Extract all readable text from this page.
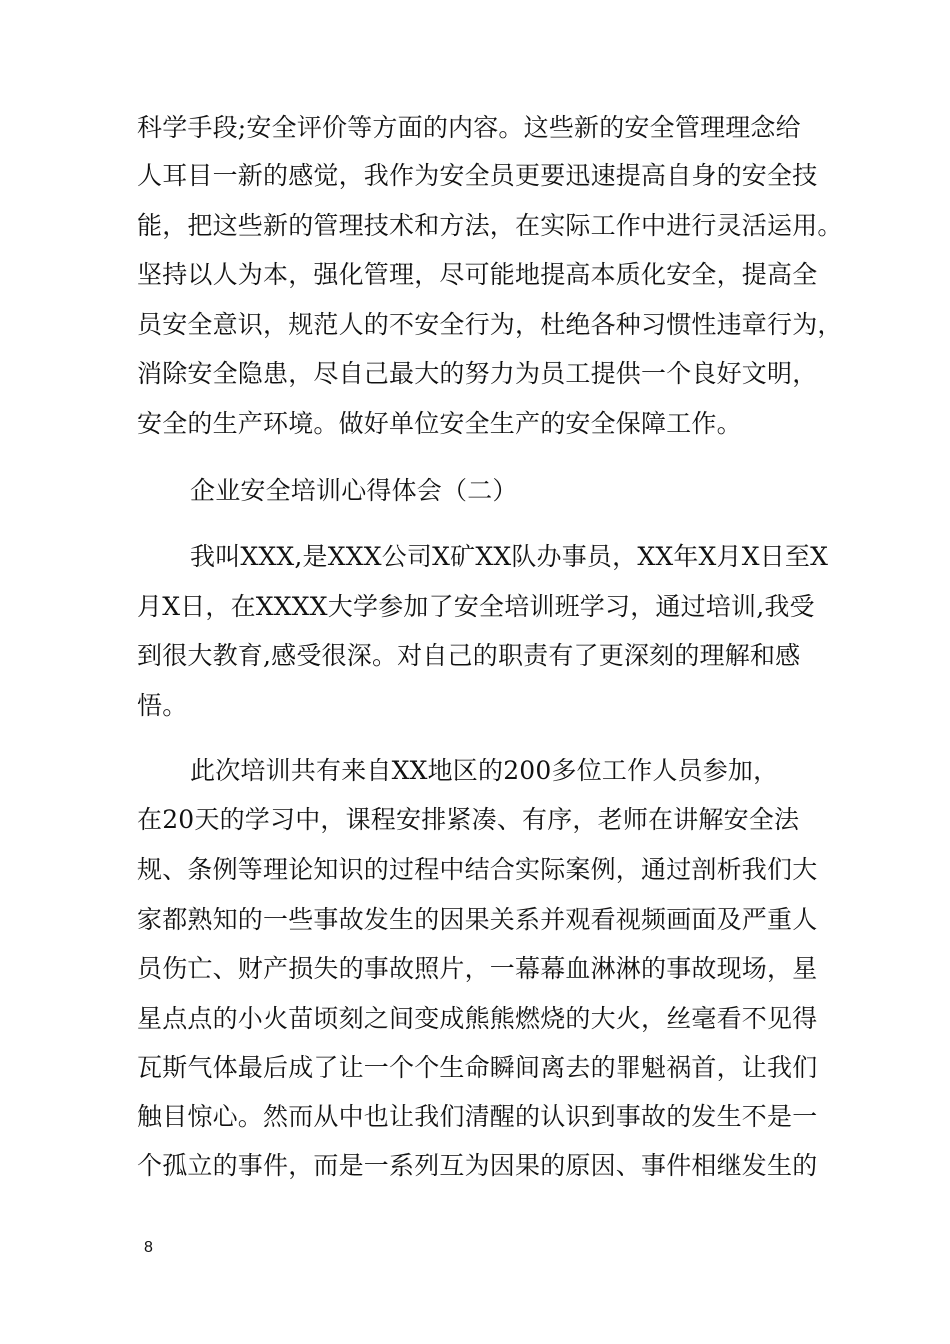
科学手段;安全评价等方面的内容。这些新的安全管理理念给
人耳目一新的感觉，我作为安全员更要迅速提高自身的安全技
能，把这些新的管理技术和方法，在实际工作中进行灵活运用。
坚持以人为本，强化管理，尽可能地提高本质化安全，提高全
员安全意识，规范人的不安全行为，杜绝各种习惯性违章行为，
消除安全隐患，尽自己最大的努力为员工提供一个良好文明，
安全的生产环境。做好单位安全生产的安全保障工作。
企业安全培训心得体会（二）
我叫XXX,是XXX公司X矿XX队办事员，XX年X月X日至X
月X日，在XXXX大学参加了安全培训班学习，通过培训,我受
到很大教育,感受很深。对自己的职责有了更深刻的理解和感
悟。
此次培训共有来自XX地区的200多位工作人员参加，
在20天的学习中，课程安排紧凑、有序，老师在讲解安全法
规、条例等理论知识的过程中结合实际案例，通过剖析我们大
家都熟知的一些事故发生的因果关系并观看视频画面及严重人
员伤亡、财产损失的事故照片，一幕幕血淋淋的事故现场，星
星点点的小火苗顷刻之间变成熊熊燃烧的大火，丝毫看不见得
瓦斯气体最后成了让一个个生命瞬间离去的罪魁祸首，让我们
触目惊心。然而从中也让我们清醒的认识到事故的发生不是一
个孤立的事件，而是一系列互为因果的原因、事件相继发生的
8
